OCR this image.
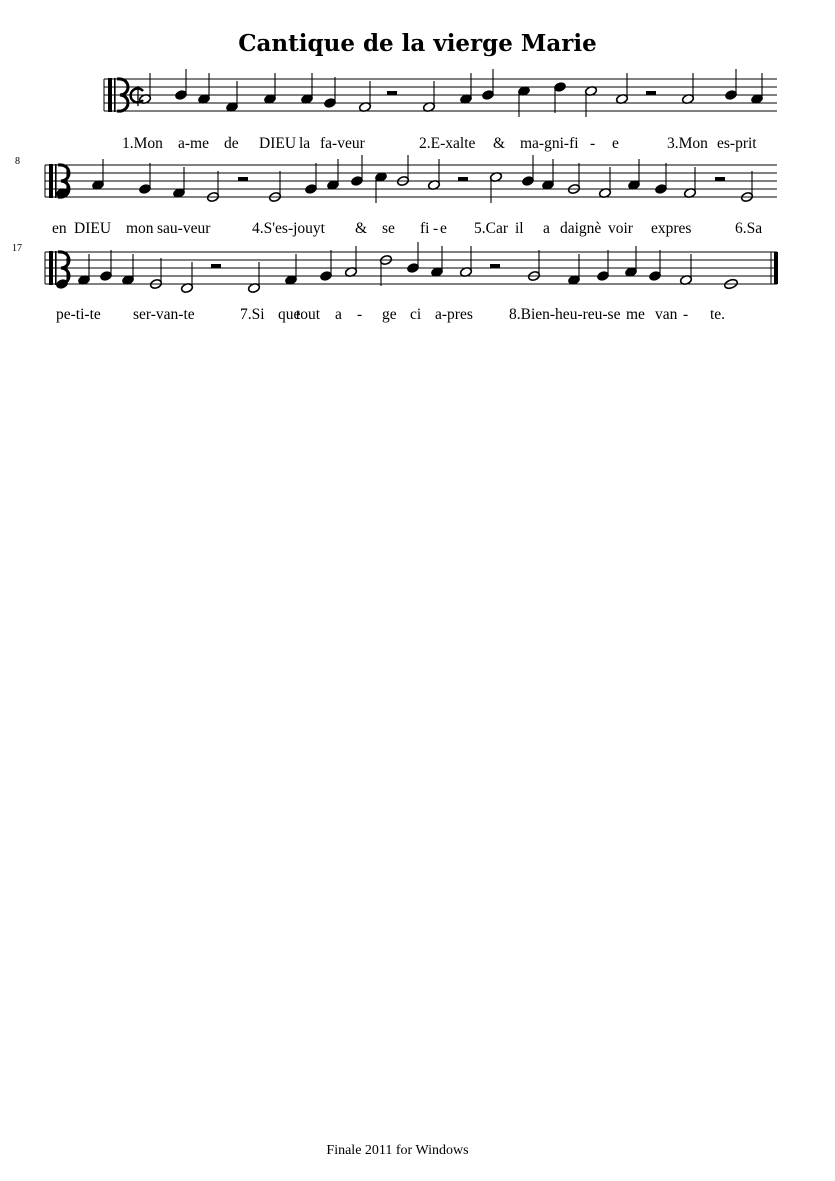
Cantique de la vierge Marie
1.Mon a-me de DIEU la fa-veur	2.E-xalte & ma-gni-fi - e	3.Mon es-prit
en DIEU mon sau-veur	4.S'es-jouyt & se fi - e 5.Car il a daignè voir expres	6.Sa
pe-ti-te ser-van-te	7.Si que
tout a - ge ci a-pres 8.Bien-heu-reu-se me van - te.
8
17
Finale 2011 for Windows
